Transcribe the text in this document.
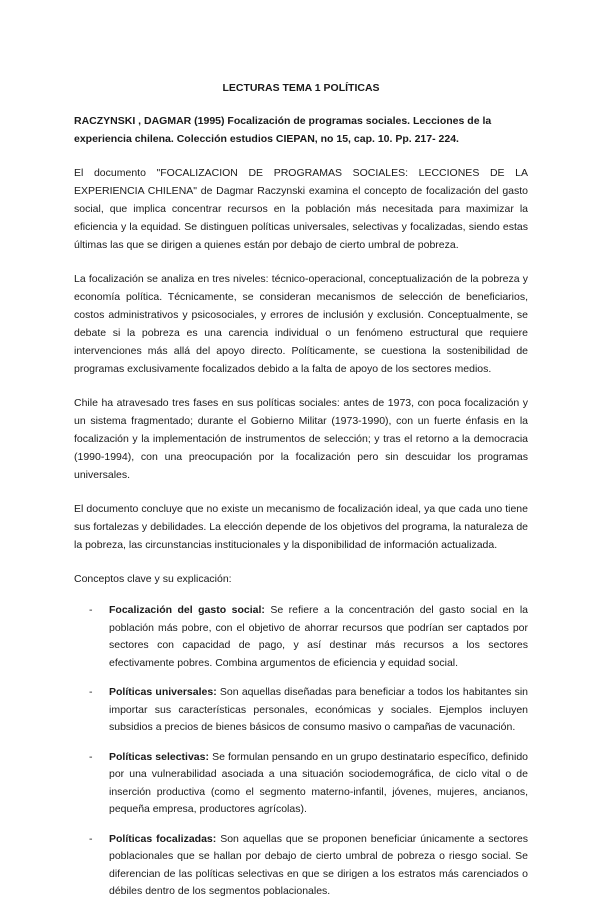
LECTURAS TEMA 1 POLÍTICAS
RACZYNSKI , DAGMAR (1995) Focalización de programas sociales. Lecciones de la experiencia chilena. Colección estudios CIEPAN, no 15, cap. 10. Pp. 217- 224.

El documento "FOCALIZACION DE PROGRAMAS SOCIALES: LECCIONES DE LA EXPERIENCIA CHILENA" de Dagmar Raczynski examina el concepto de focalización del gasto social, que implica concentrar recursos en la población más necesitada para maximizar la eficiencia y la equidad. Se distinguen políticas universales, selectivas y focalizadas, siendo estas últimas las que se dirigen a quienes están por debajo de cierto umbral de pobreza.

La focalización se analiza en tres niveles: técnico-operacional, conceptualización de la pobreza y economía política. Técnicamente, se consideran mecanismos de selección de beneficiarios, costos administrativos y psicosociales, y errores de inclusión y exclusión. Conceptualmente, se debate si la pobreza es una carencia individual o un fenómeno estructural que requiere intervenciones más allá del apoyo directo. Políticamente, se cuestiona la sostenibilidad de programas exclusivamente focalizados debido a la falta de apoyo de los sectores medios.

Chile ha atravesado tres fases en sus políticas sociales: antes de 1973, con poca focalización y un sistema fragmentado; durante el Gobierno Militar (1973-1990), con un fuerte énfasis en la focalización y la implementación de instrumentos de selección; y tras el retorno a la democracia (1990-1994), con una preocupación por la focalización pero sin descuidar los programas universales.

El documento concluye que no existe un mecanismo de focalización ideal, ya que cada uno tiene sus fortalezas y debilidades. La elección depende de los objetivos del programa, la naturaleza de la pobreza, las circunstancias institucionales y la disponibilidad de información actualizada.

Conceptos clave y su explicación:
- Focalización del gasto social: Se refiere a la concentración del gasto social en la población más pobre, con el objetivo de ahorrar recursos que podrían ser captados por sectores con capacidad de pago, y así destinar más recursos a los sectores efectivamente pobres. Combina argumentos de eficiencia y equidad social.
- Políticas universales: Son aquellas diseñadas para beneficiar a todos los habitantes sin importar sus características personales, económicas y sociales. Ejemplos incluyen subsidios a precios de bienes básicos de consumo masivo o campañas de vacunación.
- Políticas selectivas: Se formulan pensando en un grupo destinatario específico, definido por una vulnerabilidad asociada a una situación sociodemográfica, de ciclo vital o de inserción productiva (como el segmento materno-infantil, jóvenes, mujeres, ancianos, pequeña empresa, productores agrícolas).
- Políticas focalizadas: Son aquellas que se proponen beneficiar únicamente a sectores poblacionales que se hallan por debajo de cierto umbral de pobreza o riesgo social. Se diferencian de las políticas selectivas en que se dirigen a los estratos más carenciados o débiles dentro de los segmentos poblacionales.
